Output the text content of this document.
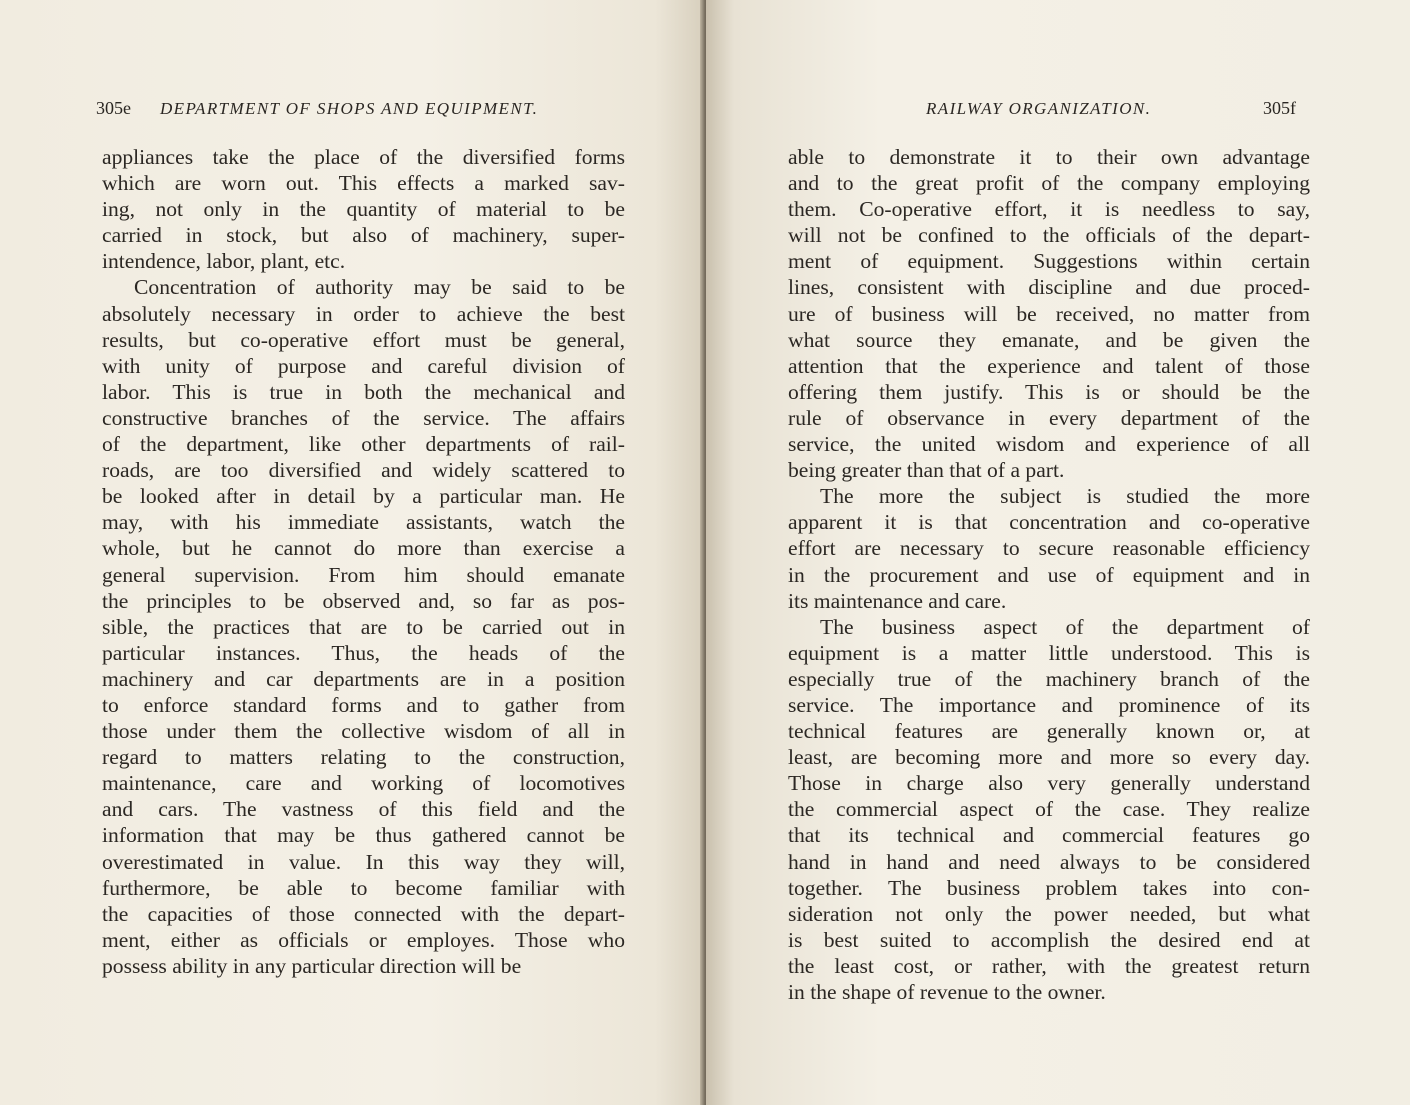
305e DEPARTMENT OF SHOPS AND EQUIPMENT.
appliances take the place of the diversified forms
which are worn out. This effects a marked sav-
ing, not only in the quantity of material to be
carried in stock, but also of machinery, super-
intendence, labor, plant, etc.
Concentration of authority may be said to be
absolutely necessary in order to achieve the best
results, but co-operative effort must be general,
with unity of purpose and careful division of
labor. This is true in both the mechanical and
constructive branches of the service. The affairs
of the department, like other departments of rail-
roads, are too diversified and widely scattered to
be looked after in detail by a particular man. He
may, with his immediate assistants, watch the
whole, but he cannot do more than exercise a
general supervision. From him should emanate
the principles to be observed and, so far as pos-
sible, the practices that are to be carried out in
particular instances. Thus, the heads of the
machinery and car departments are in a position
to enforce standard forms and to gather from
those under them the collective wisdom of all in
regard to matters relating to the construction,
maintenance, care and working of locomotives
and cars. The vastness of this field and the
information that may be thus gathered cannot be
overestimated in value. In this way they will,
furthermore, be able to become familiar with
the capacities of those connected with the depart-
ment, either as officials or employes. Those who
possess ability in any particular direction will be
RAILWAY ORGANIZATION.	305f
able to demonstrate it to their own advantage
and to the great profit of the company employing
them. Co-operative effort, it is needless to say,
will not be confined to the officials of the depart-
ment of equipment. Suggestions within certain
lines, consistent with discipline and due proced-
ure of business will be received, no matter from
what source they emanate, and be given the
attention that the experience and talent of those
offering them justify. This is or should be the
rule of observance in every department of the
service, the united wisdom and experience of all
being greater than that of a part.
The more the subject is studied the more
apparent it is that concentration and co-operative
effort are necessary to secure reasonable efficiency
in the procurement and use of equipment and in
its maintenance and care.
The business aspect of the department of
equipment is a matter little understood. This is
especially true of the machinery branch of the
service. The importance and prominence of its
technical features are generally known or, at
least, are becoming more and more so every day.
Those in charge also very generally understand
the commercial aspect of the case. They realize
that its technical and commercial features go
hand in hand and need always to be considered
together. The business problem takes into con-
sideration not only the power needed, but what
is best suited to accomplish the desired end at
the least cost, or rather, with the greatest return
in the shape of revenue to the owner.
